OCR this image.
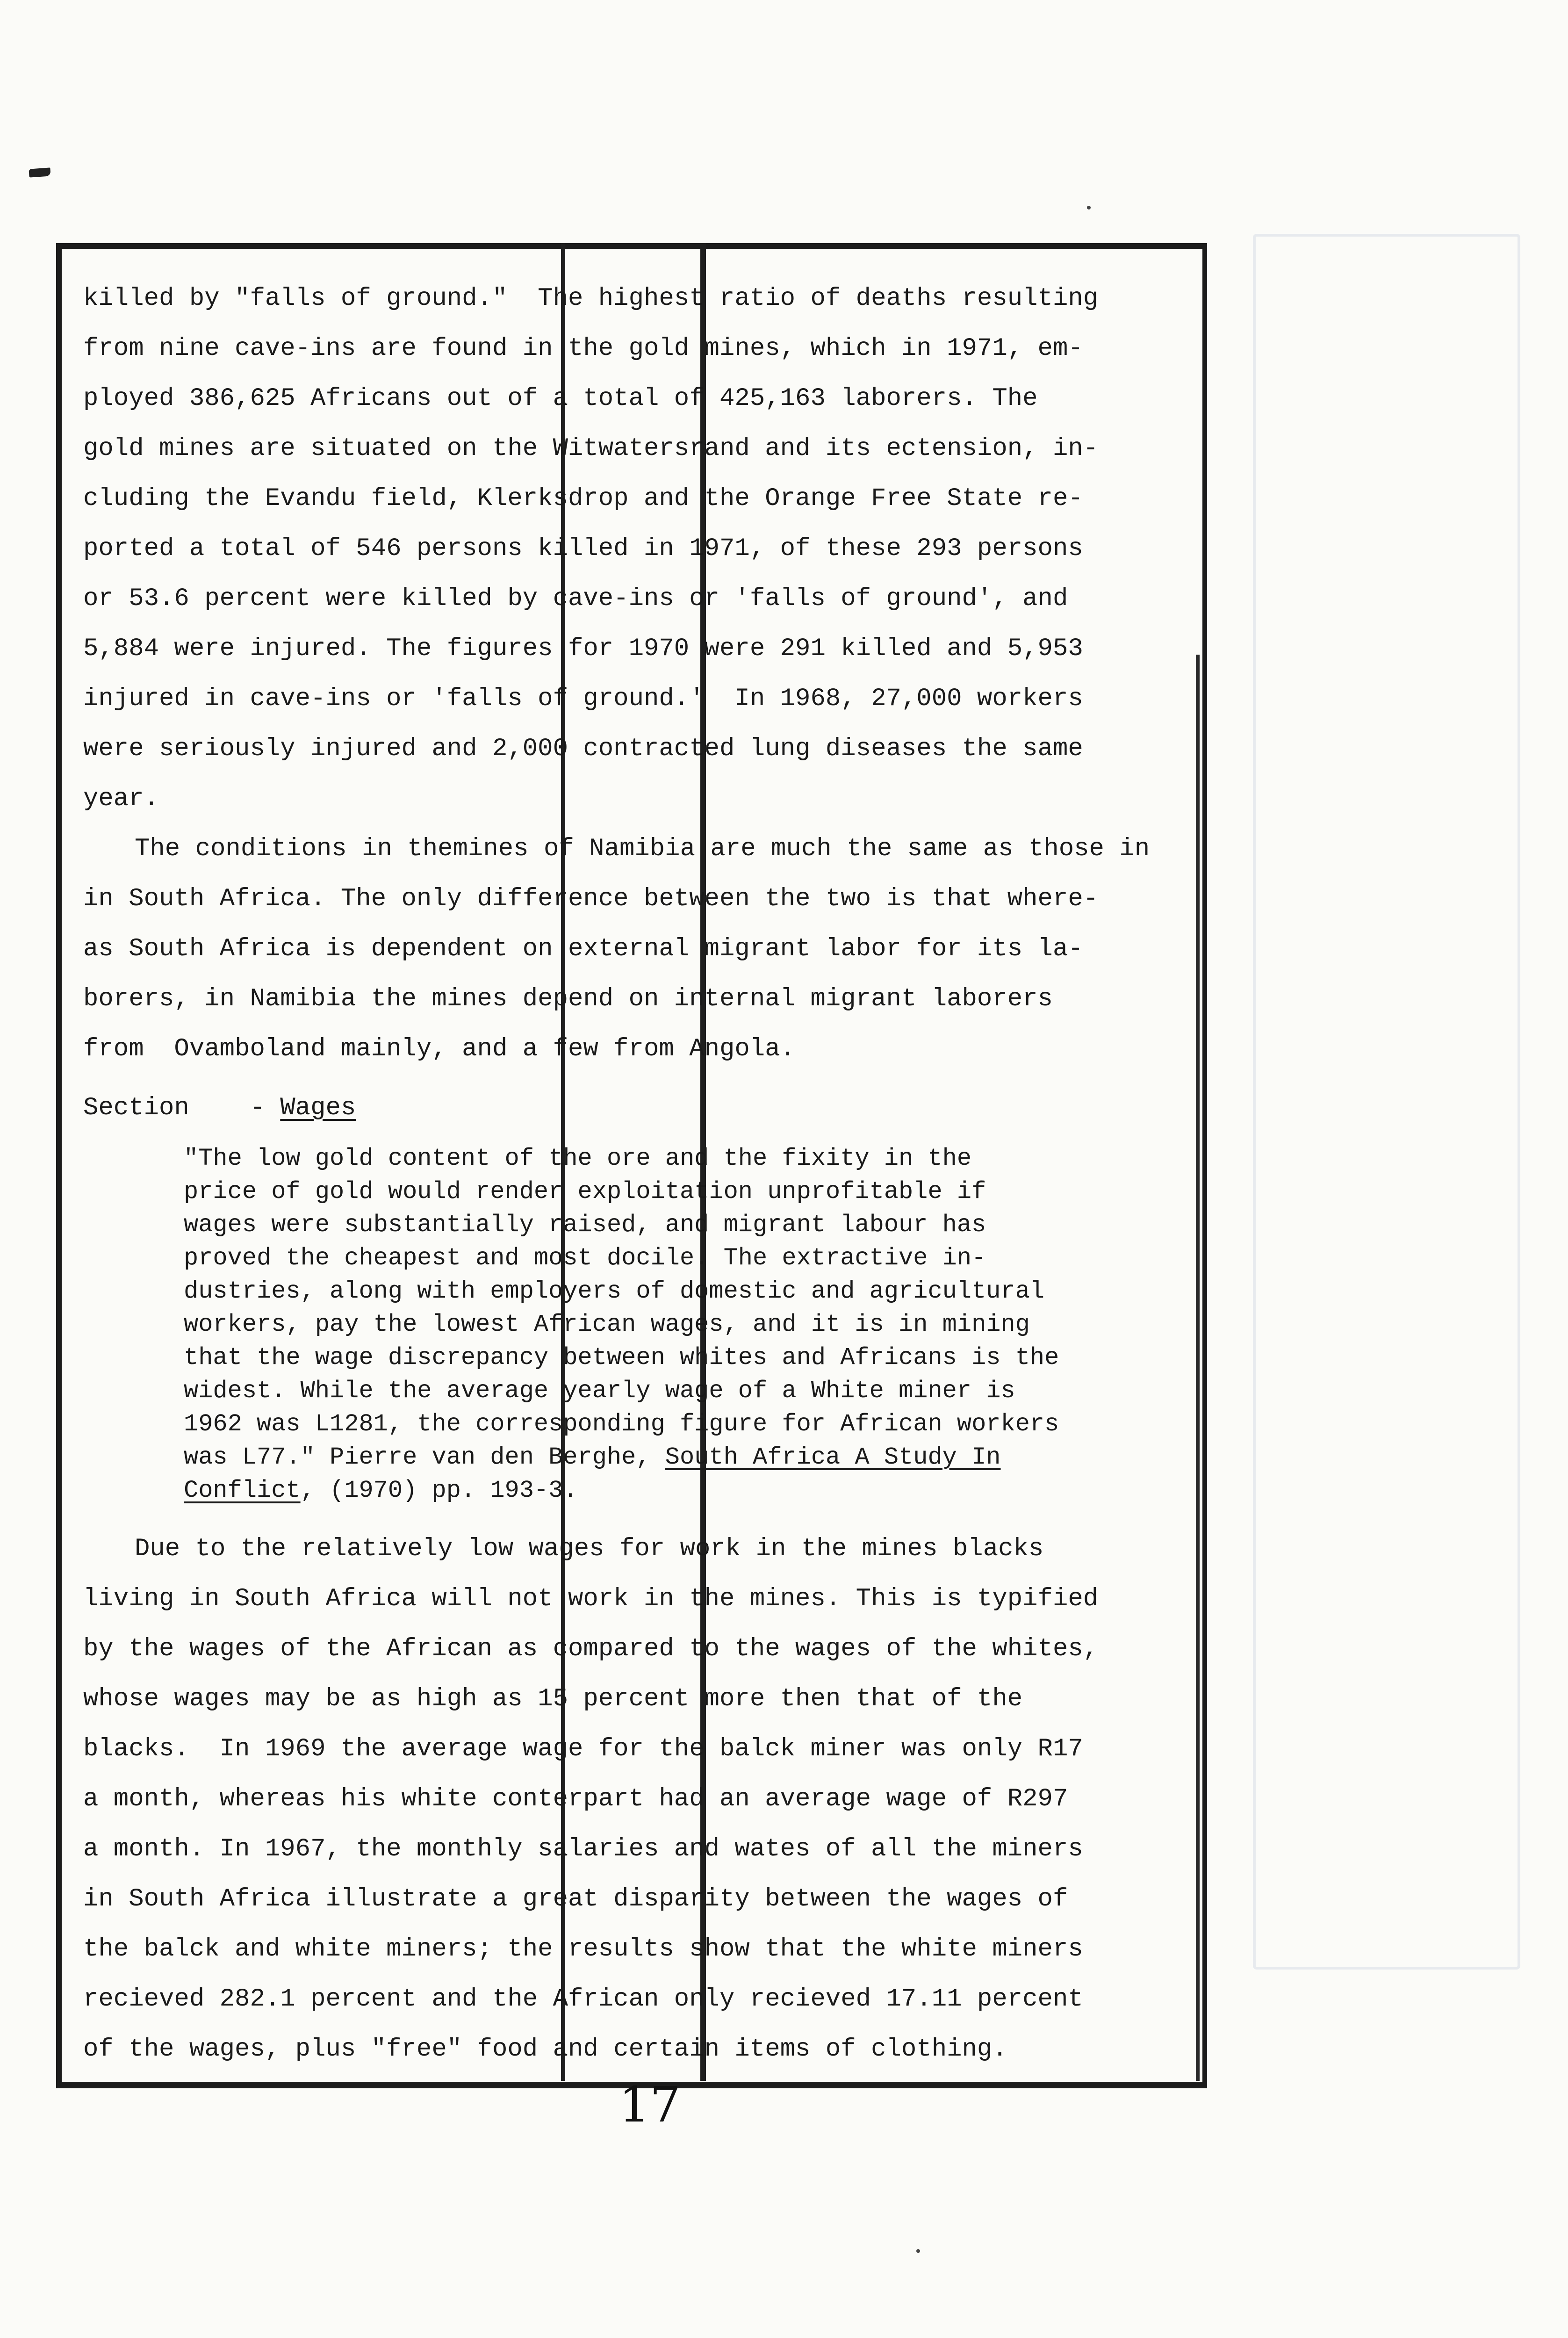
killed by "falls of ground."  The highest ratio of deaths resulting
from nine cave-ins are found in the gold mines, which in 1971, em-
ployed 386,625 Africans out of a total of 425,163 laborers. The
gold mines are situated on the Witwatersrand and its ectension, in-
cluding the Evandu field, Klerksdrop and the Orange Free State re-
ported a total of 546 persons killed in 1971, of these 293 persons
or 53.6 percent were killed by cave-ins or 'falls of ground', and
5,884 were injured. The figures for 1970 were 291 killed and 5,953
injured in cave-ins or 'falls of ground.'  In 1968, 27,000 workers
were seriously injured and 2,000 contracted lung diseases the same
year.
The conditions in themines of Namibia are much the same as those in
in South Africa. The only difference between the two is that where-
as South Africa is dependent on external migrant labor for its la-
borers, in Namibia the mines depend on internal migrant laborers
from  Ovamboland mainly, and a few from Angola.
Section - Wages
"The low gold content of the ore and the fixity in the
price of gold would render exploitation unprofitable if
wages were substantially raised, and migrant labour has
proved the cheapest and most docile. The extractive in-
dustries, along with employers of domestic and agricultural
workers, pay the lowest African wages, and it is in mining
that the wage discrepancy between whites and Africans is the
widest. While the average yearly wage of a White miner is
1962 was L1281, the corresponding figure for African workers
was L77." Pierre van den Berghe, South Africa A Study In
Conflict, (1970) pp. 193-3.
Due to the relatively low wages for work in the mines blacks
living in South Africa will not work in the mines. This is typified
by the wages of the African as compared to the wages of the whites,
whose wages may be as high as 15 percent more then that of the
blacks.  In 1969 the average wage for the balck miner was only R17
a month, whereas his white conterpart had an average wage of R297
a month. In 1967, the monthly salaries and wates of all the miners
in South Africa illustrate a great disparity between the wages of
the balck and white miners; the results show that the white miners
recieved 282.1 percent and the African only recieved 17.11 percent
of the wages, plus "free" food and certain items of clothing.
17
